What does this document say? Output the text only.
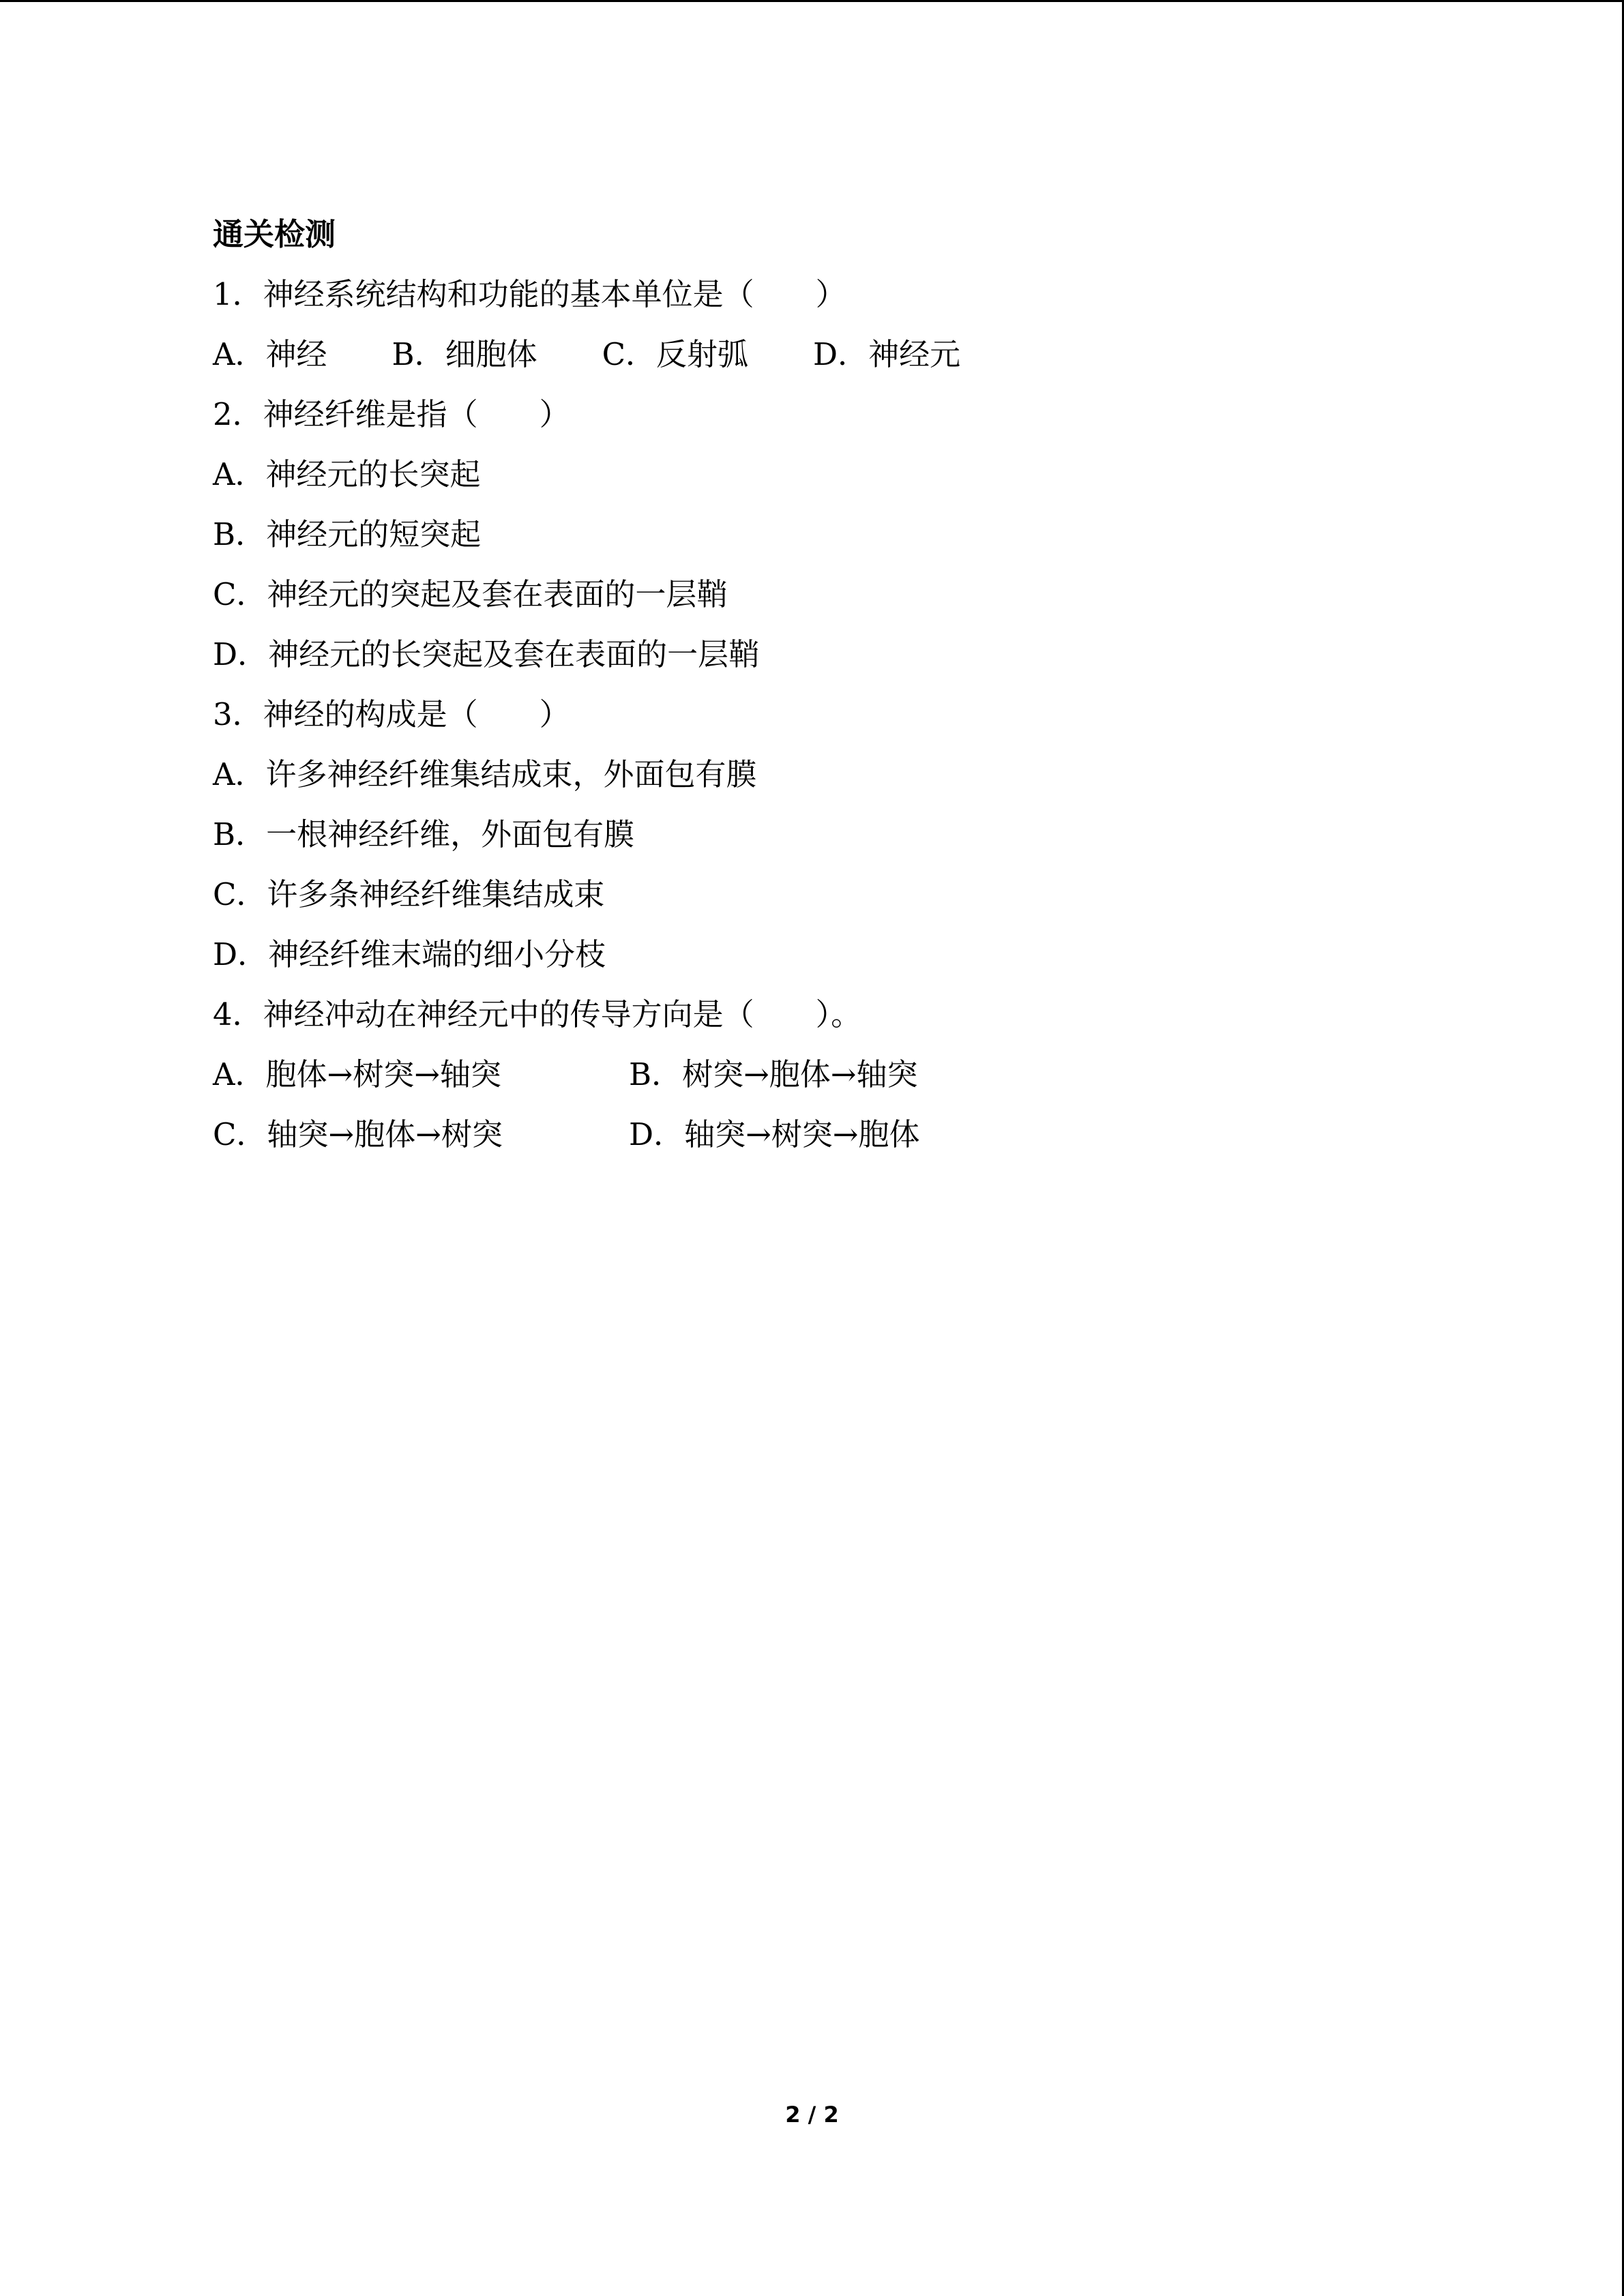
通关检测
1．神经系统结构和功能的基本单位是（　　）
A．神经 B．细胞体 C．反射弧 D．神经元
2．神经纤维是指（　　）
A．神经元的长突起
B．神经元的短突起
C．神经元的突起及套在表面的一层鞘
D．神经元的长突起及套在表面的一层鞘
3．神经的构成是（　　）
A．许多神经纤维集结成束，外面包有膜
B．一根神经纤维，外面包有膜
C．许多条神经纤维集结成束
D．神经纤维末端的细小分枝
4．神经冲动在神经元中的传导方向是（　　）。
A．胞体→树突→轴突	B．树突→胞体→轴突
C．轴突→胞体→树突	D．轴突→树突→胞体
2 / 2
